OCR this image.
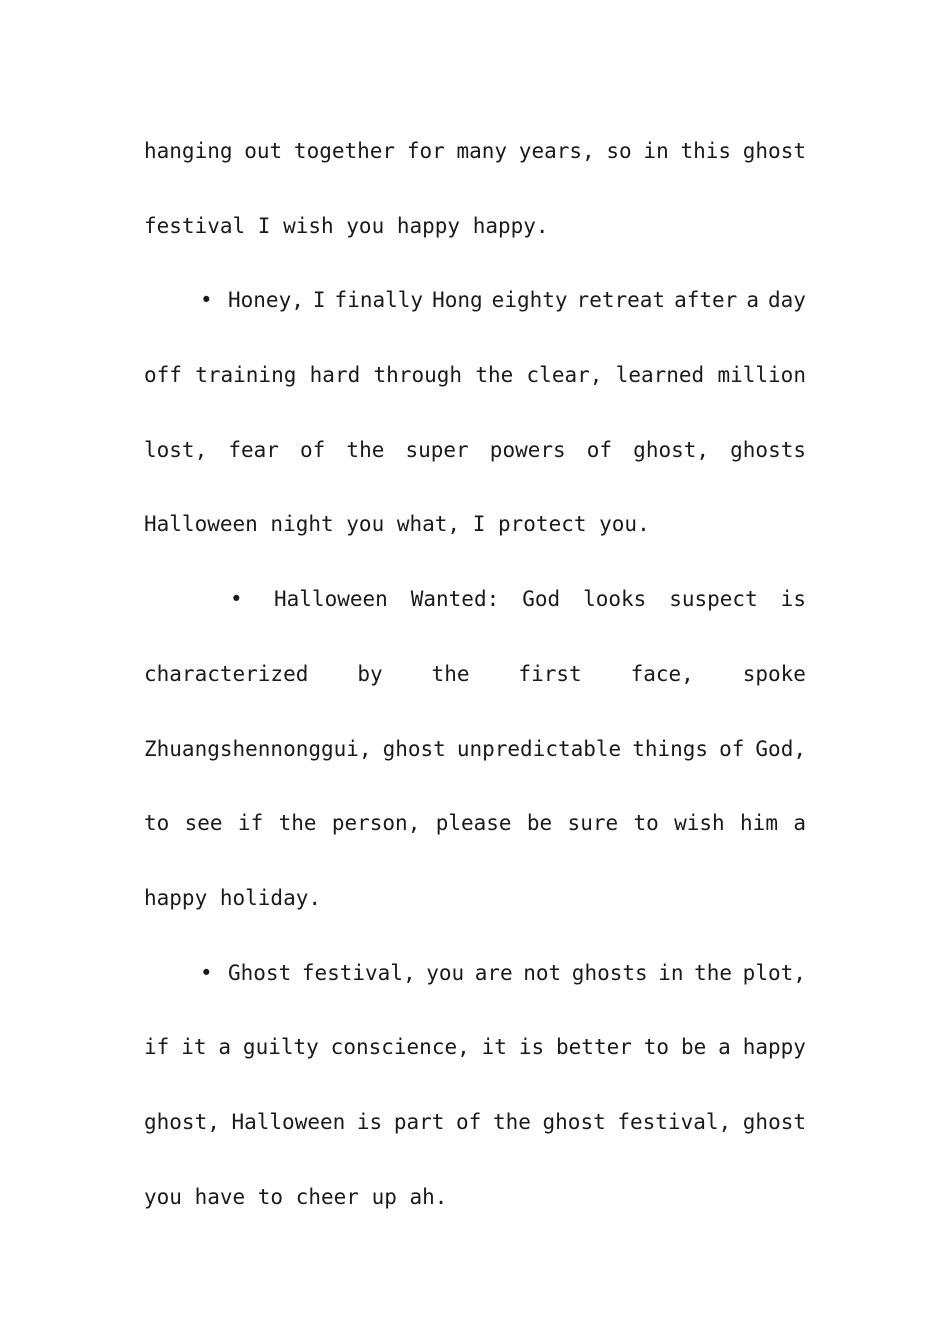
hanging out together for many years, so in this ghost
festival I wish you happy happy.
• Honey, I finally Hong eighty retreat after a day
off training hard through the clear, learned million
lost, fear of the super powers of ghost, ghosts
Halloween night you what, I protect you.
• Halloween Wanted: God looks suspect is
characterized by the first face, spoke
Zhuangshennonggui, ghost unpredictable things of God,
to see if the person, please be sure to wish him a
happy holiday.
• Ghost festival, you are not ghosts in the plot,
if it a guilty conscience, it is better to be a happy
ghost, Halloween is part of the ghost festival, ghost
you have to cheer up ah.
